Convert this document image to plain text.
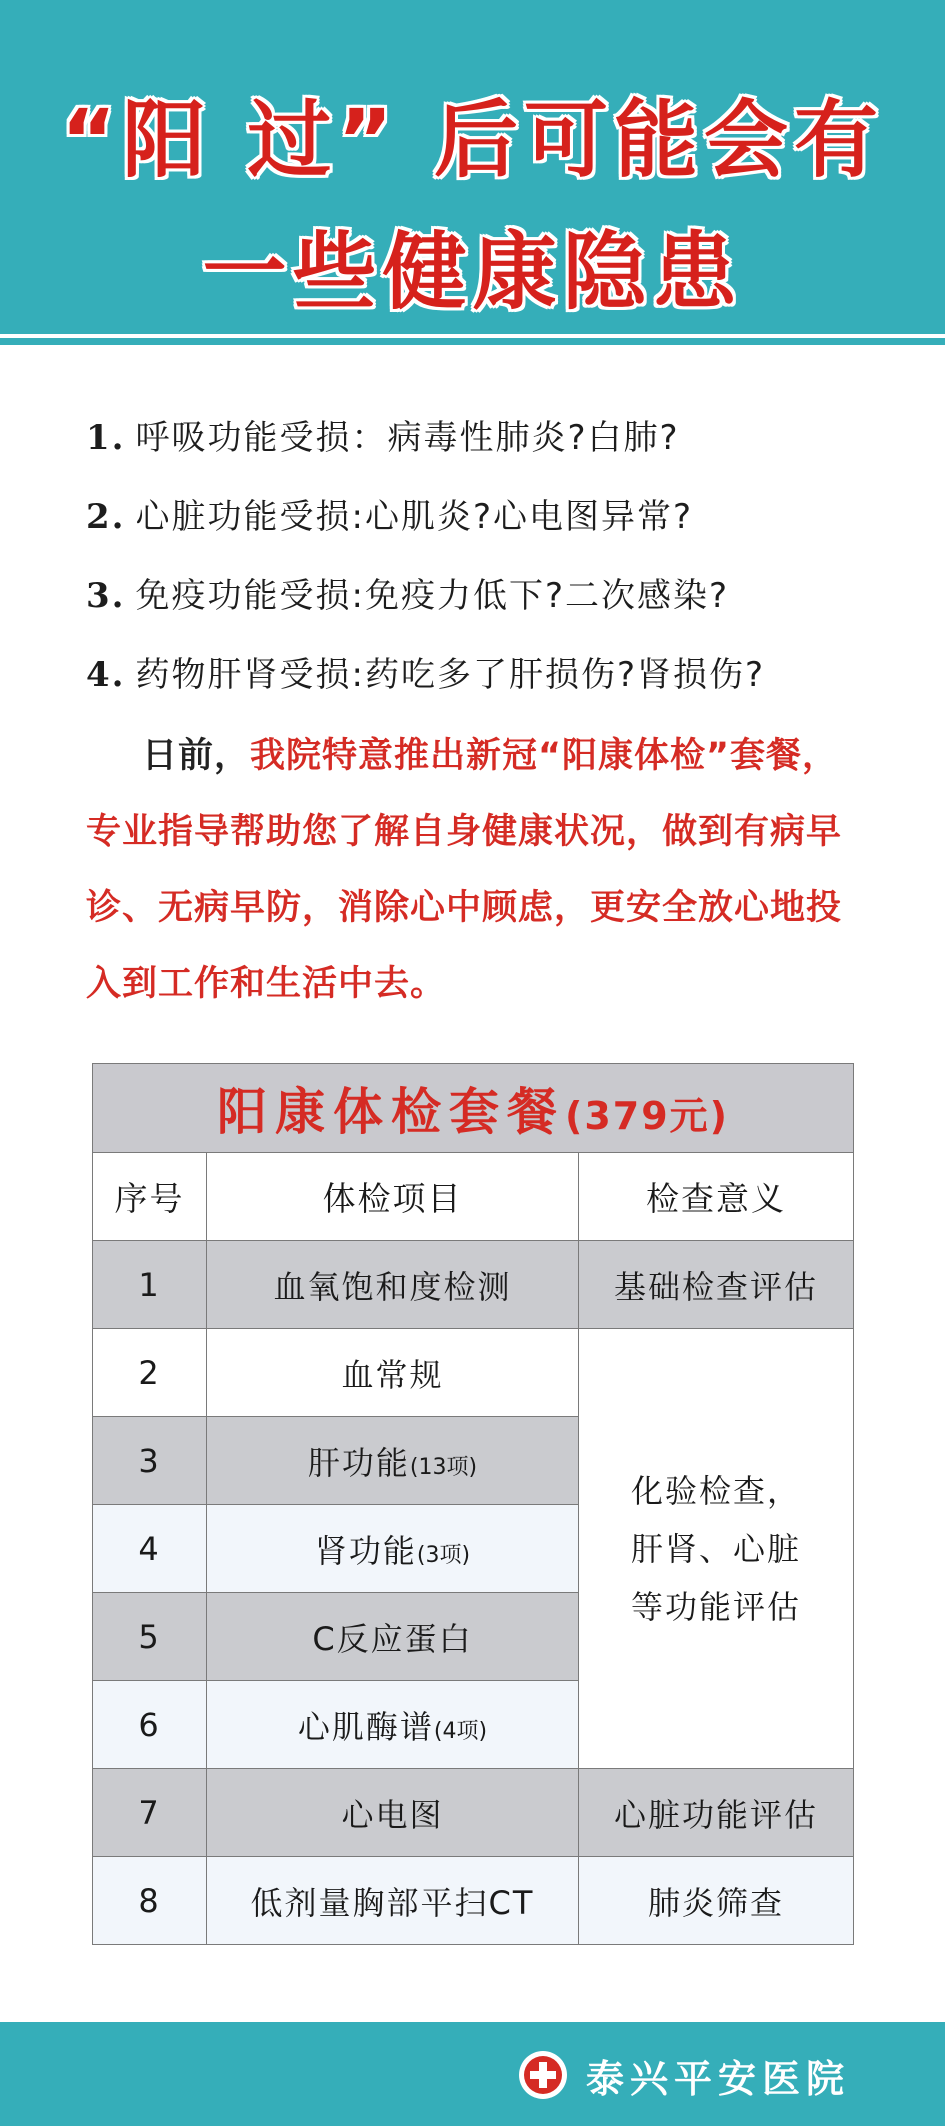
“阳 过” 后可能会有
一些健康隐患
1. 呼吸功能受损：病毒性肺炎?白肺?
2. 心脏功能受损:心肌炎?心电图异常?
3. 免疫功能受损:免疫力低下?二次感染?
4. 药物肝肾受损:药吃多了肝损伤?肾损伤?
日前，我院特意推出新冠“阳康体检”套餐，专业指导帮助您了解自身健康状况，做到有病早诊、无病早防，消除心中顾虑，更安全放心地投入到工作和生活中去。
阳康体检套餐(379元)		
序号	体检项目	检查意义
1	血氧饱和度检测	基础检查评估
2	血常规	化验检查，
肝肾、心脏
等功能评估

3	肝功能(13项)	
4	肾功能(3项)	
5	C反应蛋白	
6	心肌酶谱(4项)	
7	心电图	心脏功能评估
8	低剂量胸部平扫CT	肺炎筛查
泰兴平安医院
